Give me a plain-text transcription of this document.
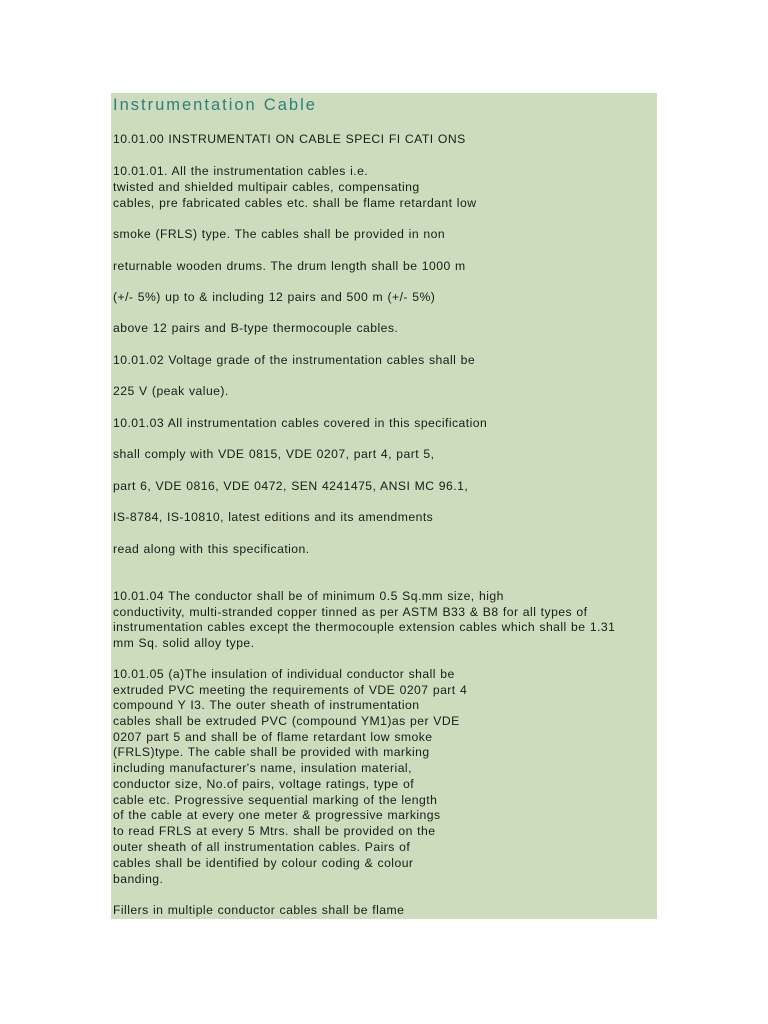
Instrumentation Cable
10.01.00 INSTRUMENTATI ON CABLE SPECI FI CATI ONS
10.01.01. All the instrumentation cables i.e.
twisted and shielded multipair cables, compensating
cables, pre fabricated cables etc. shall be flame retardant low
smoke (FRLS) type. The cables shall be provided in non
returnable wooden drums. The drum length shall be 1000 m
(+/- 5%) up to & including 12 pairs and 500 m (+/- 5%)
above 12 pairs and B-type thermocouple cables.
10.01.02 Voltage grade of the instrumentation cables shall be
225 V (peak value).
10.01.03 All instrumentation cables covered in this specification
shall comply with VDE 0815, VDE 0207, part 4, part 5,
part 6, VDE 0816, VDE 0472, SEN 4241475, ANSI MC 96.1,
IS-8784, IS-10810, latest editions and its amendments
read along with this specification.
10.01.04 The conductor shall be of minimum 0.5 Sq.mm size, high
conductivity, multi-stranded copper tinned as per ASTM B33 & B8 for all types of
instrumentation cables except the thermocouple extension cables which shall be 1.31
mm Sq. solid alloy type.
10.01.05 (a)The insulation of individual conductor shall be
extruded PVC meeting the requirements of VDE 0207 part 4
compound Y I3. The outer sheath of instrumentation
cables shall be extruded PVC (compound YM1)as per VDE
0207 part 5 and shall be of flame retardant low smoke
(FRLS)type. The cable shall be provided with marking
including manufacturer's name, insulation material,
conductor size, No.of pairs, voltage ratings, type of
cable etc. Progressive sequential marking of the length
of the cable at every one meter & progressive markings
to read FRLS at every 5 Mtrs. shall be provided on the
outer sheath of all instrumentation cables. Pairs of
cables shall be identified by colour coding & colour
banding.
Fillers in multiple conductor cables shall be flame
